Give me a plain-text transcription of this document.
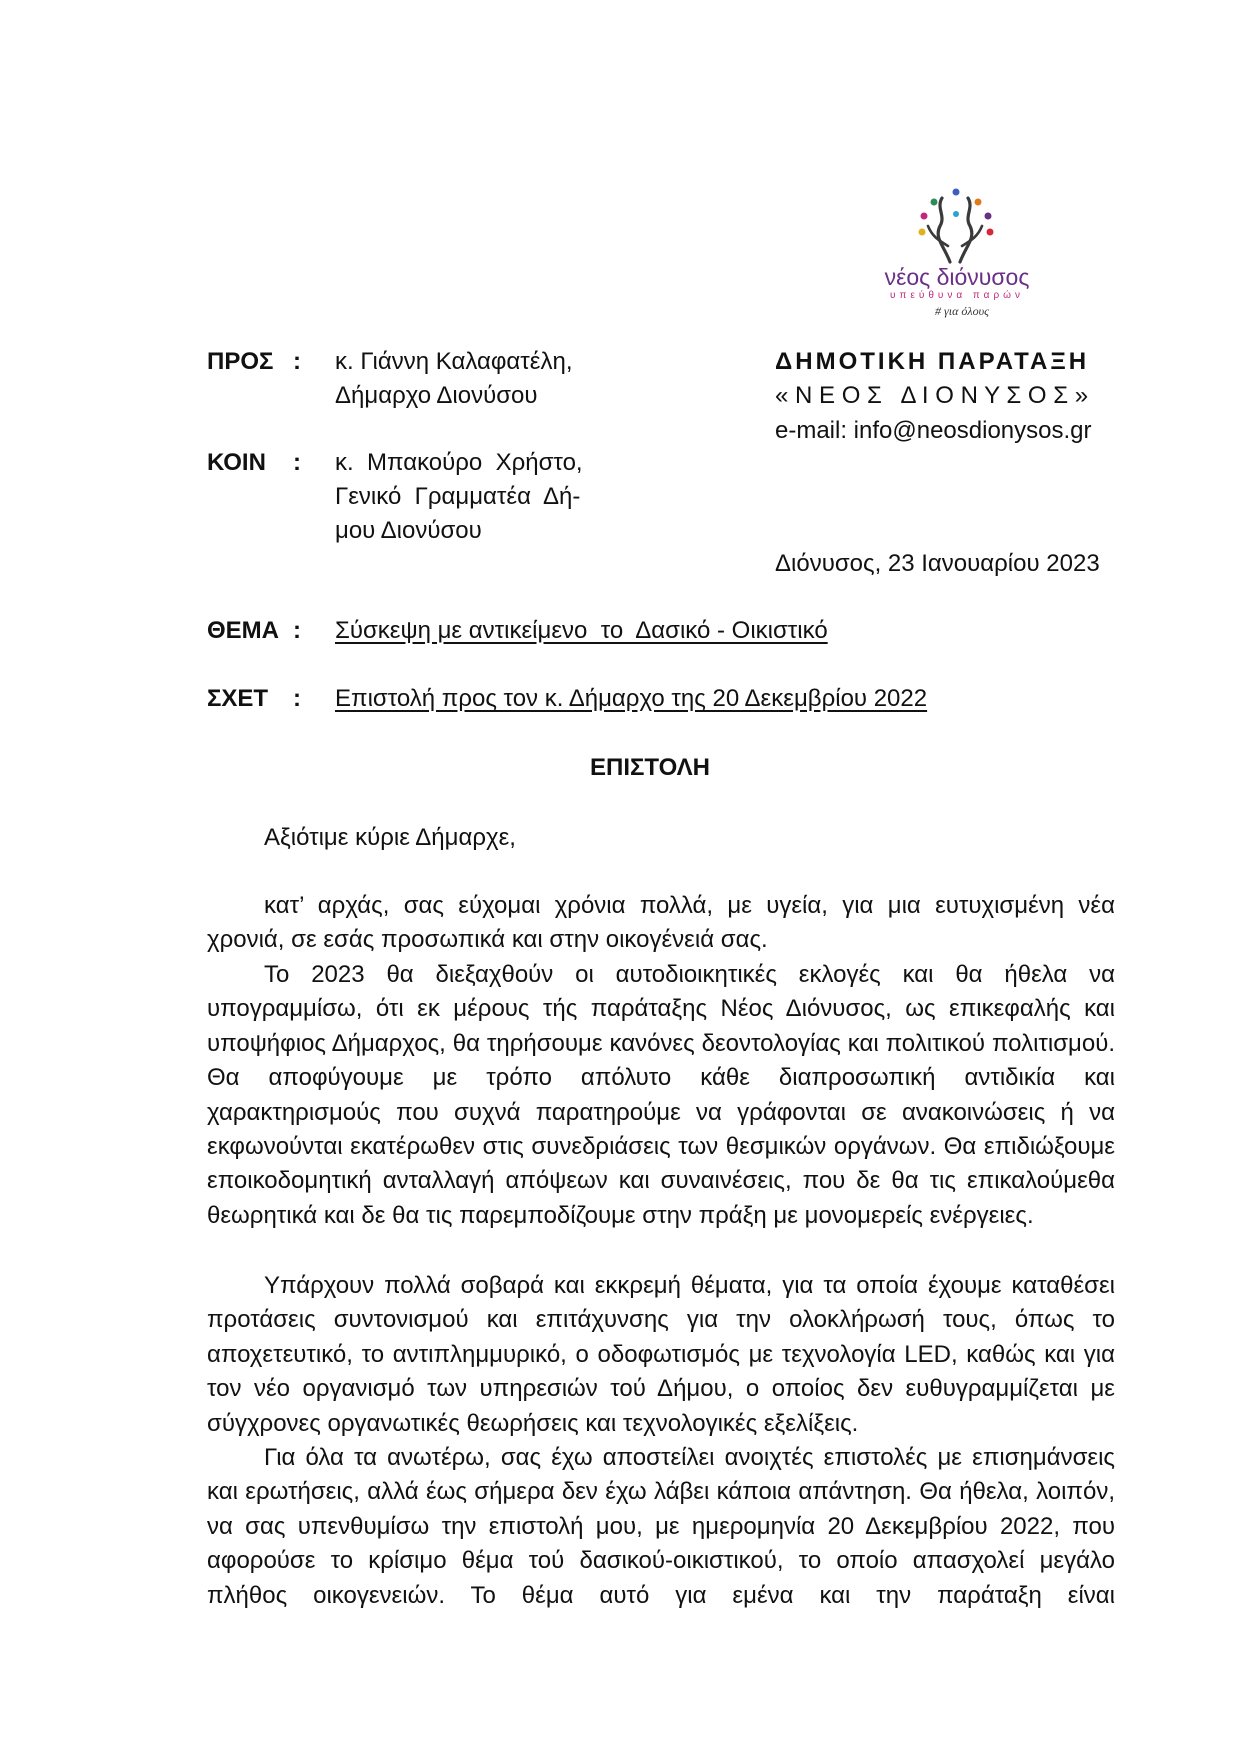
νέος διόνυσος
υπεύθυνα παρών
# για όλους
ΠΡΟΣ : κ. Γιάννη Καλαφατέλη,
Δήμαρχο Διονύσου
ΔΗΜΟΤΙΚΗ ΠΑΡΑΤΑΞΗ
« Ν Ε Ο Σ   Δ Ι Ο Ν Υ Σ Ο Σ »
e-mail: info@neosdionysos.gr
ΚΟΙΝ	: κ.  Μπακούρο  Χρήστο,
Γενικό  Γραμματέα  Δή-
μου Διονύσου
Διόνυσος, 23 Ιανουαρίου 2023
ΘΕΜΑ : Σύσκεψη με αντικείμενο  το  Δασικό - Οικιστικό
ΣΧΕΤ	: Επιστολή προς τον κ. Δήμαρχο της 20 Δεκεμβρίου 2022
ΕΠΙΣΤΟΛΗ
Αξιότιμε κύριε Δήμαρχε,

κατ’ αρχάς, σας εύχομαι χρόνια πολλά, με υγεία, για μια ευτυχισμένη νέα χρονιά, σε εσάς προσωπικά και στην οικογένειά σας.

Το 2023 θα διεξαχθούν οι αυτοδιοικητικές εκλογές και θα ήθελα να υπογραμμίσω, ότι εκ μέρους τής παράταξης Νέος Διόνυσος, ως επικεφαλής και υποψήφιος Δήμαρχος, θα τηρήσουμε κανόνες δεοντολογίας και πολιτικού πολιτισμού. Θα αποφύγουμε με τρόπο απόλυτο κάθε διαπροσωπική αντιδικία και χαρακτηρισμούς που συχνά παρατηρούμε να γράφονται σε ανακοινώσεις ή να εκφωνούνται εκατέρωθεν στις συνεδριάσεις των θεσμικών οργάνων. Θα επιδιώξουμε εποικοδομητική ανταλλαγή απόψεων και συναινέσεις, που δε θα τις επικαλούμεθα θεωρητικά και δε θα τις παρεμποδίζουμε στην πράξη με μονομερείς ενέργειες.

Υπάρχουν πολλά σοβαρά και εκκρεμή θέματα, για τα οποία έχουμε καταθέσει προτάσεις συντονισμού και επιτάχυνσης για την ολοκλήρωσή τους, όπως το αποχετευτικό, το αντιπλημμυρικό, ο οδοφωτισμός με τεχνολογία LED, καθώς και για τον νέο οργανισμό των υπηρεσιών τού Δήμου, ο οποίος δεν ευθυγραμμίζεται με σύγχρονες οργανωτικές θεωρήσεις και τεχνολογικές εξελίξεις.

Για όλα τα ανωτέρω, σας έχω αποστείλει ανοιχτές επιστολές με επισημάνσεις και ερωτήσεις, αλλά έως σήμερα δεν έχω λάβει κάποια απάντηση. Θα ήθελα, λοιπόν, να σας υπενθυμίσω την επιστολή μου, με ημερομηνία 20 Δεκεμβρίου 2022, που αφορούσε το κρίσιμο θέμα τού δασικού-οικιστικού, το οποίο απασχολεί μεγάλο πλήθος οικογενειών. Το θέμα αυτό για εμένα και την παράταξη είναι
